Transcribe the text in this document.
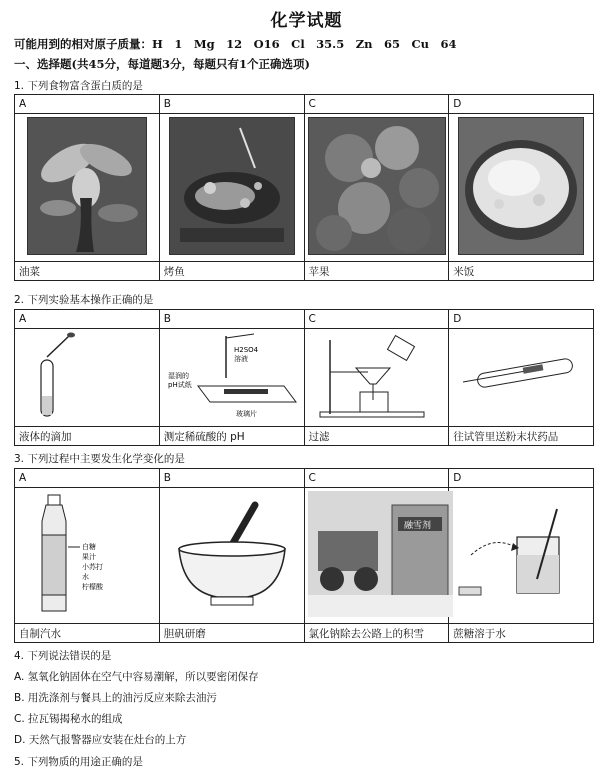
化学试题
可能用到的相对原子质量：H　1　Mg　12　O16　Cl　35.5　Zn　65　Cu　64
一、选择题(共45分，每道题3分，每题只有1个正确选项)
1. 下列食物富含蛋白质的是
A	B	C	D

油菜	烤鱼	苹果	米饭
2. 下列实验基本操作正确的是
A	B	C	D

H2SO4
溶液
湿润的
pH试纸
玻璃片

液体的滴加	测定稀硫酸的 pH	过滤	往试管里送粉末状药品
3. 下列过程中主要发生化学变化的是
A	B	C	D

白糖
果汁
小苏打
水
柠檬酸		融雪剂

自制汽水	胆矾研磨	氯化钠除去公路上的积雪	蔗糖溶于水
4. 下列说法错误的是
A. 氢氧化钠固体在空气中容易潮解，所以要密闭保存
B. 用洗涤剂与餐具上的油污反应来除去油污
C. 拉瓦锡揭秘水的组成
D. 天然气报警器应安装在灶台的上方
5. 下列物质的用途正确的是
